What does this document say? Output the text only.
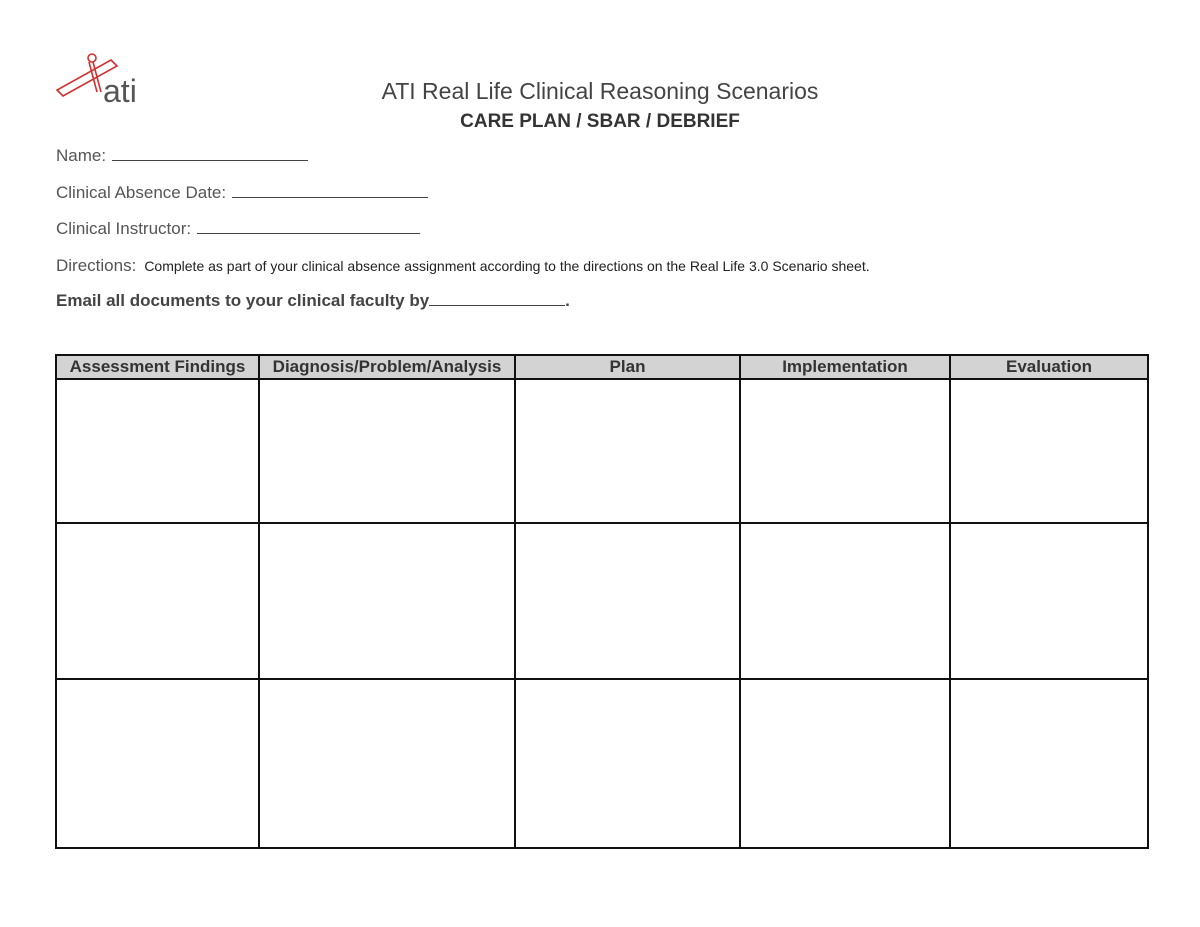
ati	ATI Real Life Clinical Reasoning Scenarios
CARE PLAN / SBAR / DEBRIEF
Name:
Clinical Absence Date:
Clinical Instructor:
Directions: Complete as part of your clinical absence assignment according to the directions on the Real Life 3.0 Scenario sheet.
Email all documents to your clinical faculty by	.
Assessment Findings	Diagnosis/Problem/Analysis	Plan	Implementation	Evaluation
